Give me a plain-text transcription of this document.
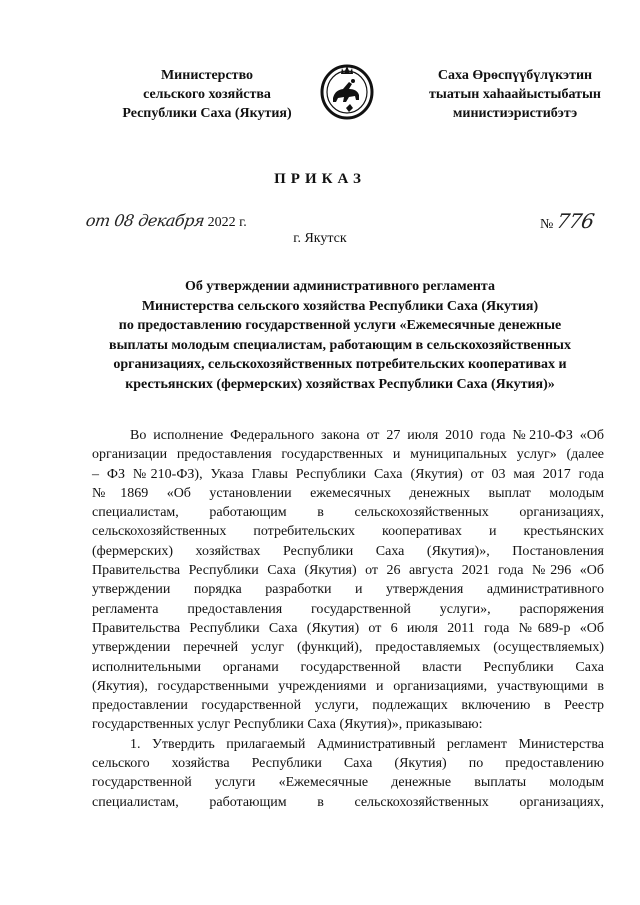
Министерство
сельского хозяйства
Республики Саха (Якутия)
Саха Өрөспүүбүлүкэтин
тыатын хаһаайыстыбатын
министиэристибэтэ
ПРИКАЗ
от 08 декабря 2022 г.	№ 776
г. Якутск
Об утверждении административного регламента
Министерства сельского хозяйства Республики Саха (Якутия)
по предоставлению государственной услуги «Ежемесячные денежные
выплаты молодым специалистам, работающим в сельскохозяйственных
организациях, сельскохозяйственных потребительских кооперативах и
крестьянских (фермерских) хозяйствах Республики Саха (Якутия)»
Во исполнение Федерального закона от 27 июля 2010 года №210-ФЗ «Об
организации предоставления государственных и муниципальных услуг» (далее
– ФЗ №210-ФЗ), Указа Главы Республики Саха (Якутия) от 03 мая 2017 года
№1869 «Об установлении ежемесячных денежных выплат молодым
специалистам, работающим в сельскохозяйственных организациях,
сельскохозяйственных потребительских кооперативах и крестьянских
(фермерских) хозяйствах Республики Саха (Якутия)», Постановления
Правительства Республики Саха (Якутия) от 26 августа 2021 года №296 «Об
утверждении порядка разработки и утверждения административного
регламента предоставления государственной услуги», распоряжения
Правительства Республики Саха (Якутия) от 6 июля 2011 года №689-р «Об
утверждении перечней услуг (функций), предоставляемых (осуществляемых)
исполнительными органами государственной власти Республики Саха
(Якутия), государственными учреждениями и организациями, участвующими в
предоставлении государственной услуги, подлежащих включению в Реестр
государственных услуг Республики Саха (Якутия)», приказываю:
1. Утвердить прилагаемый Административный регламент Министерства
сельского хозяйства Республики Саха (Якутия) по предоставлению
государственной услуги «Ежемесячные денежные выплаты молодым
специалистам, работающим в сельскохозяйственных организациях,
